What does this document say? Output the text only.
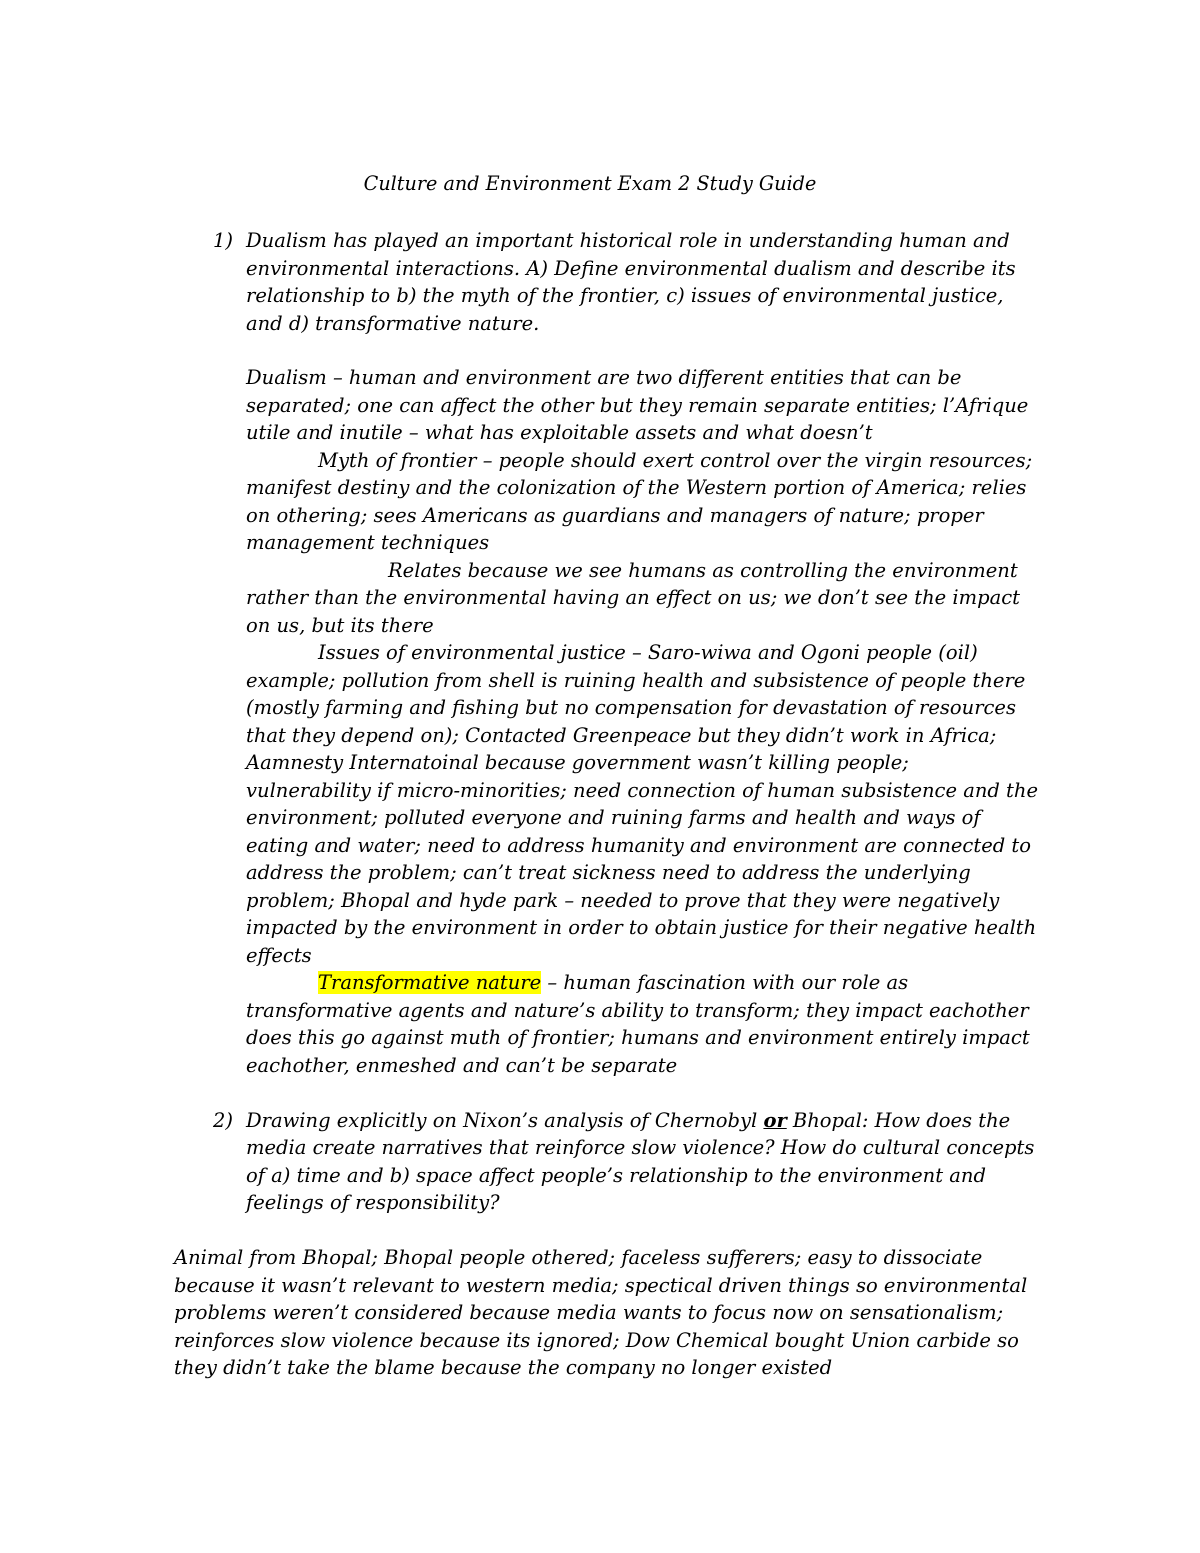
Culture and Environment Exam 2 Study Guide
1) Dualism has played an important historical role in understanding human and
environmental interactions. A) Define environmental dualism and describe its
relationship to b) the myth of the frontier, c) issues of environmental justice,
and d) transformative nature.
Dualism – human and environment are two different entities that can be
separated; one can affect the other but they remain separate entities; l’Afrique
utile and inutile – what has exploitable assets and what doesn’t
Myth of frontier – people should exert control over the virgin resources;
manifest destiny and the colonization of the Western portion of America; relies
on othering; sees Americans as guardians and managers of nature; proper
management techniques
Relates because we see humans as controlling the environment
rather than the environmental having an effect on us; we don’t see the impact
on us, but its there
Issues of environmental justice – Saro-wiwa and Ogoni people (oil)
example; pollution from shell is ruining health and subsistence of people there
(mostly farming and fishing but no compensation for devastation of resources
that they depend on); Contacted Greenpeace but they didn’t work in Africa;
Aamnesty Internatoinal because government wasn’t killing people;
vulnerability if micro-minorities; need connection of human subsistence and the
environment; polluted everyone and ruining farms and health and ways of
eating and water; need to address humanity and environment are connected to
address the problem; can’t treat sickness need to address the underlying
problem; Bhopal and hyde park – needed to prove that they were negatively
impacted by the environment in order to obtain justice for their negative health
effects
Transformative nature – human fascination with our role as
transformative agents and nature’s ability to transform; they impact eachother
does this go against muth of frontier; humans and environment entirely impact
eachother, enmeshed and can’t be separate
2) Drawing explicitly on Nixon’s analysis of Chernobyl or Bhopal: How does the
media create narratives that reinforce slow violence? How do cultural concepts
of a) time and b) space affect people’s relationship to the environment and
feelings of responsibility?
Animal from Bhopal; Bhopal people othered; faceless sufferers; easy to dissociate
because it wasn’t relevant to western media; spectical driven things so environmental
problems weren’t considered because media wants to focus now on sensationalism;
reinforces slow violence because its ignored; Dow Chemical bought Union carbide so
they didn’t take the blame because the company no longer existed
